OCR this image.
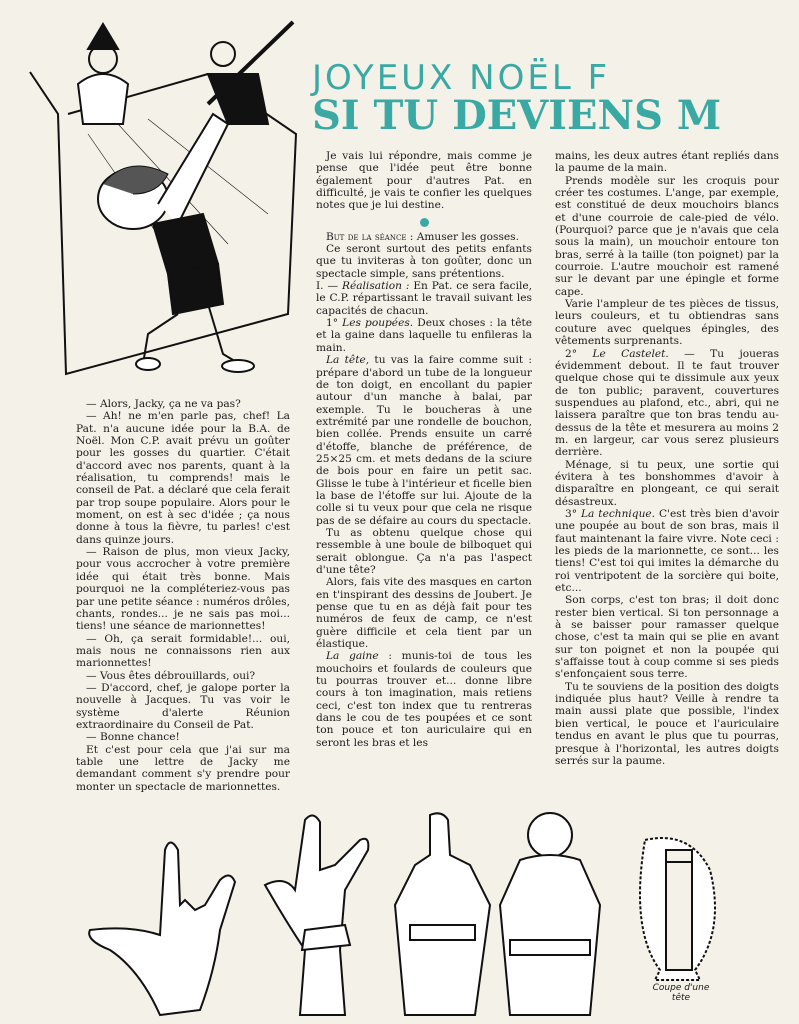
JOYEUX NOËL F
SI TU DEVIENS M

— Alors, Jacky, ça ne va pas?

— Ah! ne m'en parle pas, chef! La Pat. n'a aucune idée pour la B.A. de Noël. Mon C.P. avait prévu un goûter pour les gosses du quartier. C'était d'accord avec nos parents, quant à la réalisation, tu comprends! mais le conseil de Pat. a déclaré que cela ferait par trop soupe populaire. Alors pour le moment, on est à sec d'idée ; ça nous donne à tous la fièvre, tu parles! c'est dans quinze jours.

— Raison de plus, mon vieux Jacky, pour vous accrocher à votre première idée qui était très bonne. Mais pourquoi ne la compléteriez-vous pas par une petite séance : numéros drôles, chants, rondes... je ne sais pas moi... tiens! une séance de marionnettes!

— Oh, ça serait formidable!... oui, mais nous ne connaissons rien aux marionnettes!

— Vous êtes débrouillards, oui?

— D'accord, chef, je galope porter la nouvelle à Jacques. Tu vas voir le système d'alerte Réunion extraordinaire du Conseil de Pat.

— Bonne chance!

Et c'est pour cela que j'ai sur ma table une lettre de Jacky me demandant comment s'y prendre pour monter un spectacle de marionnettes.

Je vais lui répondre, mais comme je pense que l'idée peut être bonne également pour d'autres Pat. en difficulté, je vais te confier les quelques notes que je lui destine.

But de la séance : Amuser les gosses.

Ce seront surtout des petits enfants que tu inviteras à ton goûter, donc un spectacle simple, sans prétentions.

I. — Réalisation : En Pat. ce sera facile, le C.P. répartissant le travail suivant les capacités de chacun.

1° Les poupées. Deux choses : la tête et la gaine dans laquelle tu enfileras la main.

La tête, tu vas la faire comme suit : prépare d'abord un tube de la longueur de ton doigt, en encollant du papier autour d'un manche à balai, par exemple. Tu le boucheras à une extrémité par une rondelle de bouchon, bien collée. Prends ensuite un carré d'étoffe, blanche de préférence, de 25×25 cm. et mets dedans de la sciure de bois pour en faire un petit sac. Glisse le tube à l'intérieur et ficelle bien la base de l'étoffe sur lui. Ajoute de la colle si tu veux pour que cela ne risque pas de se défaire au cours du spectacle.

Tu as obtenu quelque chose qui ressemble à une boule de bilboquet qui serait oblongue. Ça n'a pas l'aspect d'une tête?

Alors, fais vite des masques en carton en t'inspirant des dessins de Joubert. Je pense que tu en as déjà fait pour tes numéros de feux de camp, ce n'est guère difficile et cela tient par un élastique.

La gaine : munis-toi de tous les mouchoirs et foulards de couleurs que tu pourras trouver et... donne libre cours à ton imagination, mais retiens ceci, c'est ton index que tu rentreras dans le cou de tes poupées et ce sont ton pouce et ton auriculaire qui en seront les bras et les

mains, les deux autres étant repliés dans la paume de la main.

Prends modèle sur les croquis pour créer tes costumes. L'ange, par exemple, est constitué de deux mouchoirs blancs et d'une courroie de cale-pied de vélo. (Pourquoi? parce que je n'avais que cela sous la main), un mouchoir entoure ton bras, serré à la taille (ton poignet) par la courroie. L'autre mouchoir est ramené sur le devant par une épingle et forme cape.

Varie l'ampleur de tes pièces de tissus, leurs couleurs, et tu obtiendras sans couture avec quelques épingles, des vêtements surprenants.

2° Le Castelet. — Tu joueras évidemment debout. Il te faut trouver quelque chose qui te dissimule aux yeux de ton public; paravent, couvertures suspendues au plafond, etc., abri, qui ne laissera paraître que ton bras tendu au-dessus de la tête et mesurera au moins 2 m. en largeur, car vous serez plusieurs derrière.

Ménage, si tu peux, une sortie qui évitera à tes bonshommes d'avoir à disparaître en plongeant, ce qui serait désastreux.

3° La technique. C'est très bien d'avoir une poupée au bout de son bras, mais il faut maintenant la faire vivre. Note ceci : les pieds de la marionnette, ce sont... les tiens! C'est toi qui imites la démarche du roi ventripotent de la sorcière qui boite, etc...

Son corps, c'est ton bras; il doit donc rester bien vertical. Si ton personnage a à se baisser pour ramasser quelque chose, c'est ta main qui se plie en avant sur ton poignet et non la poupée qui s'affaisse tout à coup comme si ses pieds s'enfonçaient sous terre.

Tu te souviens de la position des doigts indiquée plus haut? Veille à rendre ta main aussi plate que possible, l'index bien vertical, le pouce et l'auriculaire tendus en avant le plus que tu pourras, presque à l'horizontal, les autres doigts serrés sur la paume.

Coupe d'une
tête
